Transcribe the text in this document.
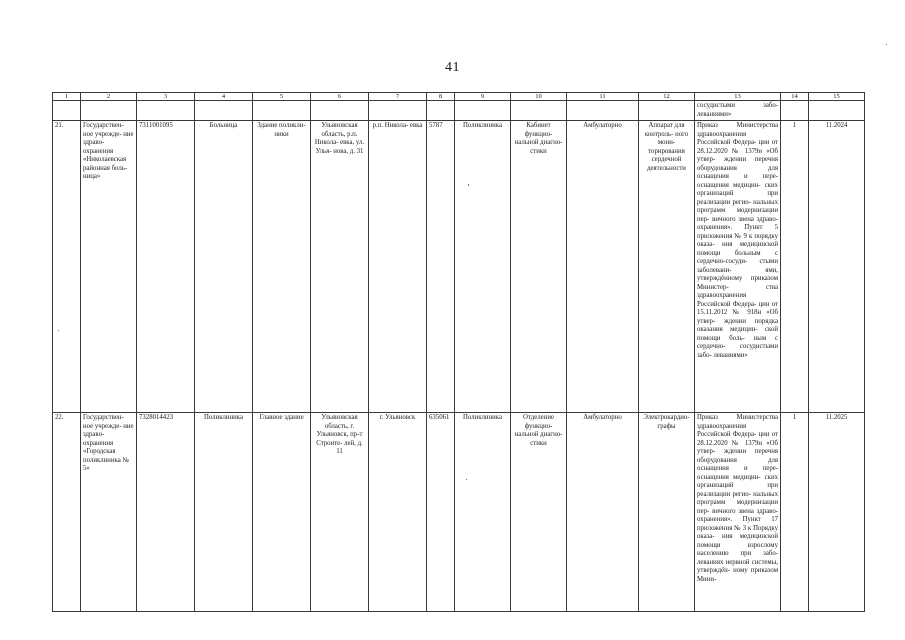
41
1	2	3	4	5	6	7	8	9	10	11	12	13	14	15
												сосудистыми забо- леваниями»		
21.	Государствен- ное учрежде- ние здраво- охранения «Никола́евская районная боль- ница»	7311001095	Больница	Здание поликли- ники	Ульяновская область, р.п. Никола- евка, ул. Улья- нова, д. 31	р.п. Никола- евка	5787	Поликлиника	Кабинет функцио- нальной диагно- стики	Амбулаторно	Аппарат для контроль- ного мони- торирования сердечной деятельности	Приказ Министерства здравоохранения Российской Федера- ции от 28.12.2020 № 1379н «Об утвер- ждении перечня оборудования для оснащения и пере- оснащения медицин- ских организаций при реализации регио- нальных программ модернизации пер- вичного звена здраво- охранения». Пункт 5 приложения № 9 к порядку оказа- ния медицинской помощи больным с сердечно-сосуди- стыми заболевани- ями, утверждённому приказом Министер- ства здравоохранения Российской Федера- ции от 15.11.2012 № 918н «Об утвер- ждении порядка оказания медицин- ской помощи боль- ным с сердечно- сосудистыми забо- леваниями»	1	11.2024
22.	Государствен- ное учрежде- ние здраво- охранения «Городская поликлиника № 5»	7328014423	Поликлиника	Главное здание	Ульяновская область, г. Ульяновск, пр-т Строите- лей, д. 11	г. Ульяновск	635061	Поликлиника	Отделение функцио- нальной диагно- стики	Амбулаторно	Электрокардио- графы	Приказ Министерства здравоохранения Российской Федера- ции от 28.12.2020 № 1379н «Об утвер- ждении перечня оборудования для оснащения и пере- оснащения медицин- ских организаций при реализации регио- нальных программ модернизации пер- вичного звена здраво- охранения». Пункт 17 приложения № 3 к Порядку оказа- ния медицинской помощи взрослому населению при забо- леваниях нервной системы, утверждён- ному приказом Мини-	1	11.2025
